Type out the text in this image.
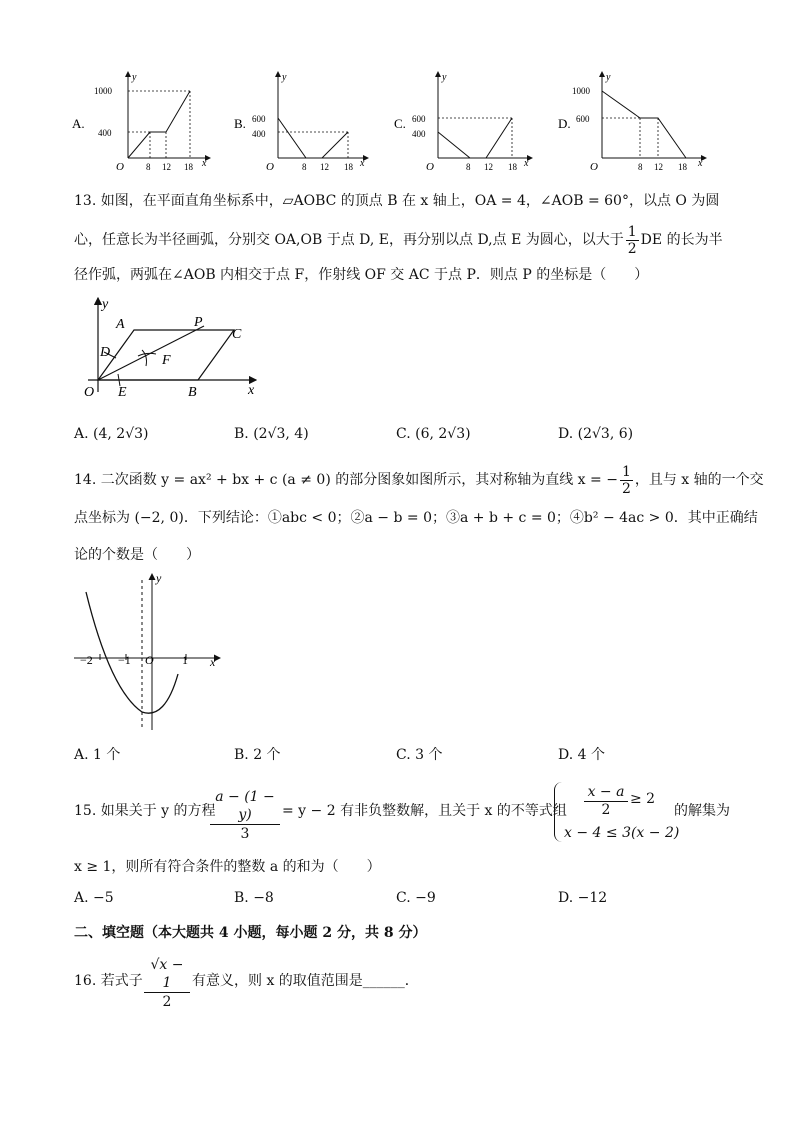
A.
y
x
O
1000
400
8 12 18
B.
y
x
O
600
400
8 12 18
C.
y
x
O
600
400
8 12 18
D.
y
x
O
1000
600
8 12 18
13. 如图，在平面直角坐标系中，▱AOBC 的顶点 B 在 x 轴上，OA = 4，∠AOB = 60°，以点 O 为圆
心，任意长为半径画弧，分别交 OA,OB 于点 D, E，再分别以点 D,点 E 为圆心，以大于 $\frac{1}{2}$ DE 的长为半
径作弧，两弧在∠AOB 内相交于点 F，作射线 OF 交 AC 于点 P．则点 P 的坐标是（　　）
y
x
O
A	P
C
D
F
E	B
A. (4, 2√3)	B. (2√3, 4)	C. (6, 2√3)	D. (2√3, 6)
14. 二次函数 y = ax² + bx + c (a ≠ 0) 的部分图象如图所示，其对称轴为直线 x = − $\frac{1}{2}$ ，且与 x 轴的一个交
点坐标为 (−2, 0)．下列结论：①abc < 0；②a − b = 0；③a + b + c = 0；④b² − 4ac > 0．其中正确结
论的个数是（　　）
y
x
−2 −1 O 1
A. 1 个	B. 2 个	C. 3 个	D. 4 个
15. 如果关于 y 的方程
a − (1 − y)
3
= y − 2 有非负整数解，且关于 x 的不等式组
x − a
2
≥ 2
x − 4 ≤ 3(x − 2)
的解集为
x ≥ 1，则所有符合条件的整数 a 的和为（　　）
A. −5	B. −8	C. −9	D. −12
二、填空题（本大题共 4 小题，每小题 2 分，共 8 分）
16. 若式子
√x − 1
2
有意义，则 x 的取值范围是______．
